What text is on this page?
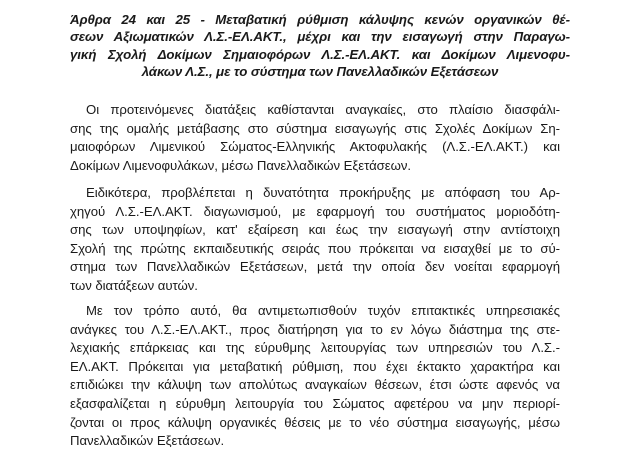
Άρθρα 24 και 25 - Μεταβατική ρύθμιση κάλυψης κενών οργανικών θέ-
σεων Αξιωματικών Λ.Σ.-ΕΛ.ΑΚΤ., μέχρι και την εισαγωγή στην Παραγω-
γική Σχολή Δοκίμων Σημαιοφόρων Λ.Σ.-ΕΛ.ΑΚΤ. και Δοκίμων Λιμενοφυ-
λάκων Λ.Σ., με το σύστημα των Πανελλαδικών Εξετάσεων
Οι προτεινόμενες διατάξεις καθίστανται αναγκαίες, στο πλαίσιο διασφάλι-
σης της ομαλής μετάβασης στο σύστημα εισαγωγής στις Σχολές Δοκίμων Ση-
μαιοφόρων Λιμενικού Σώματος-Ελληνικής Ακτοφυλακής (Λ.Σ.-ΕΛ.ΑΚΤ.) και
Δοκίμων Λιμενοφυλάκων, μέσω Πανελλαδικών Εξετάσεων.
Ειδικότερα, προβλέπεται η δυνατότητα προκήρυξης με απόφαση του Αρ-
χηγού Λ.Σ.-ΕΛ.ΑΚΤ. διαγωνισμού, με εφαρμογή του συστήματος μοριοδότη-
σης των υποψηφίων, κατ' εξαίρεση και έως την εισαγωγή στην αντίστοιχη
Σχολή της πρώτης εκπαιδευτικής σειράς που πρόκειται να εισαχθεί με το σύ-
στημα των Πανελλαδικών Εξετάσεων, μετά την οποία δεν νοείται εφαρμογή
των διατάξεων αυτών.
Με τον τρόπο αυτό, θα αντιμετωπισθούν τυχόν επιτακτικές υπηρεσιακές
ανάγκες του Λ.Σ.-ΕΛ.ΑΚΤ., προς διατήρηση για το εν λόγω διάστημα της στε-
λεχιακής επάρκειας και της εύρυθμης λειτουργίας των υπηρεσιών του Λ.Σ.-
ΕΛ.ΑΚΤ. Πρόκειται για μεταβατική ρύθμιση, που έχει έκτακτο χαρακτήρα και
επιδιώκει την κάλυψη των απολύτως αναγκαίων θέσεων, έτσι ώστε αφενός να
εξασφαλίζεται η εύρυθμη λειτουργία του Σώματος αφετέρου να μην περιορί-
ζονται οι προς κάλυψη οργανικές θέσεις με το νέο σύστημα εισαγωγής, μέσω
Πανελλαδικών Εξετάσεων.
